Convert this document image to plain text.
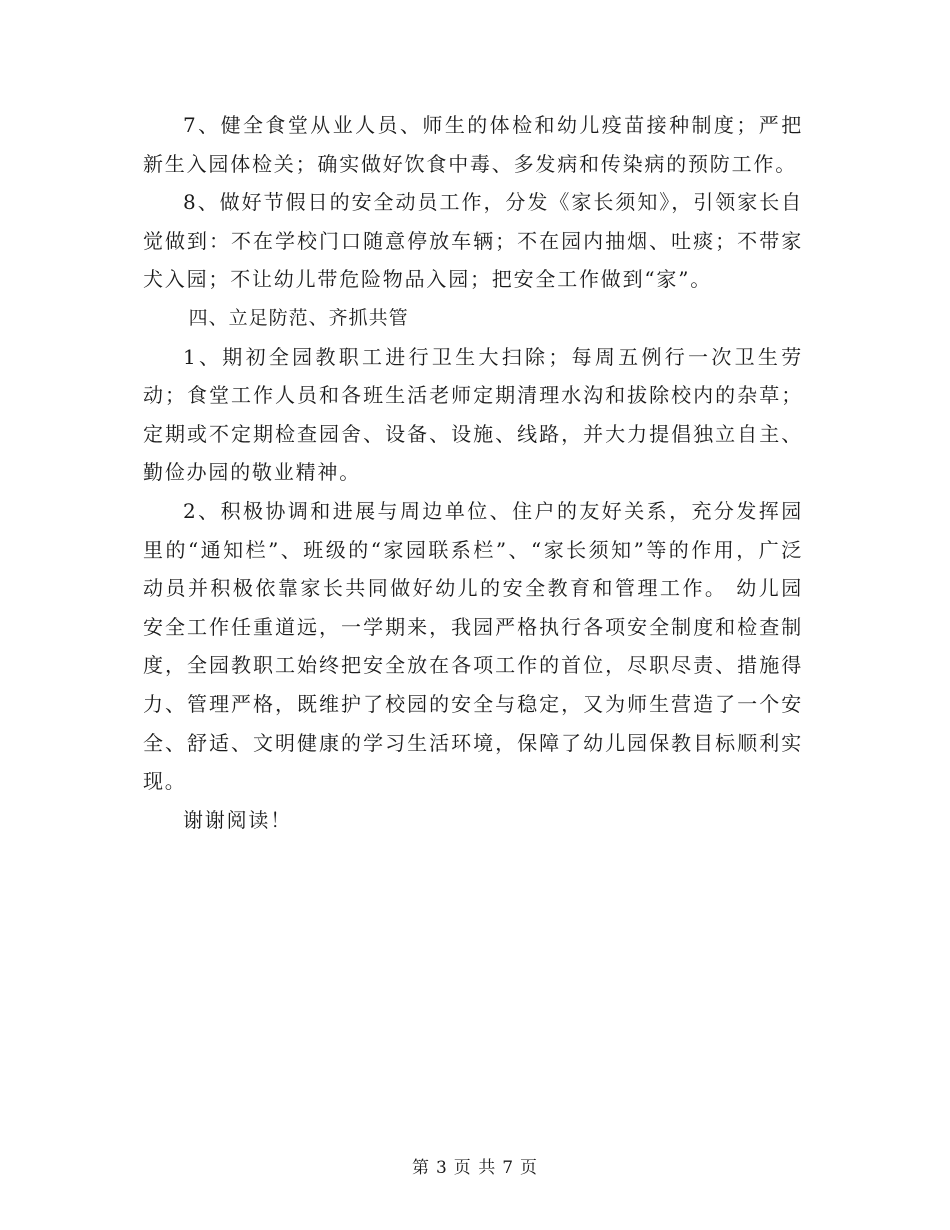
7、健全食堂从业人员、师生的体检和幼儿疫苗接种制度；严把新生入园体检关；确实做好饮食中毒、多发病和传染病的预防工作。

8、做好节假日的安全动员工作，分发《家长须知》，引领家长自觉做到：不在学校门口随意停放车辆；不在园内抽烟、吐痰；不带家犬入园；不让幼儿带危险物品入园；把安全工作做到“家”。

四、立足防范、齐抓共管

1、期初全园教职工进行卫生大扫除；每周五例行一次卫生劳动；食堂工作人员和各班生活老师定期清理水沟和拔除校内的杂草；定期或不定期检查园舍、设备、设施、线路，并大力提倡独立自主、勤俭办园的敬业精神。

2、积极协调和进展与周边单位、住户的友好关系，充分发挥园里的“通知栏”、班级的“家园联系栏”、“家长须知”等的作用，广泛动员并积极依靠家长共同做好幼儿的安全教育和管理工作。 幼儿园安全工作任重道远，一学期来，我园严格执行各项安全制度和检查制度，全园教职工始终把安全放在各项工作的首位，尽职尽责、措施得力、管理严格，既维护了校园的安全与稳定，又为师生营造了一个安全、舒适、文明健康的学习生活环境，保障了幼儿园保教目标顺利实现。

谢谢阅读！

第 3 页 共 7 页
